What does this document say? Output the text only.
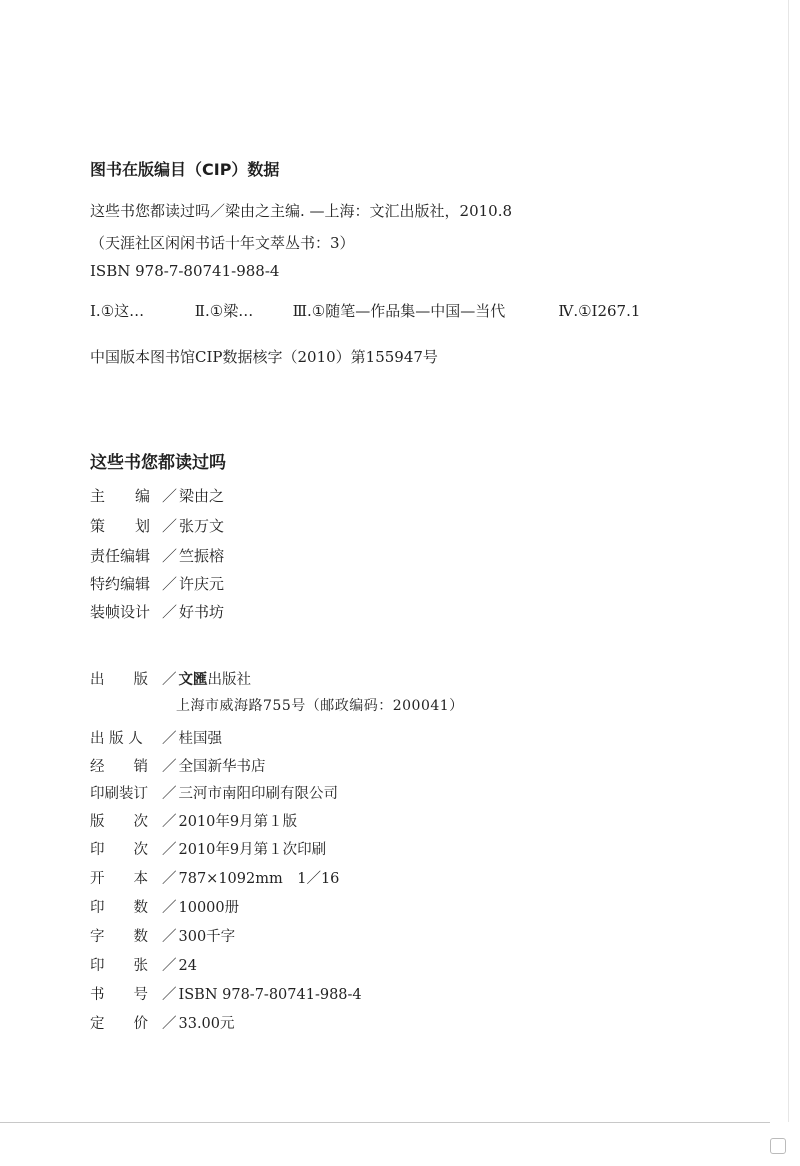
图书在版编目（CIP）数据
这些书您都读过吗／梁由之主编. —上海：文汇出版社，2010.8
（天涯社区闲闲书话十年文萃丛书：3）
ISBN 978-7-80741-988-4
Ⅰ.①这…	Ⅱ.①梁…	Ⅲ.①随笔—作品集—中国—当代	Ⅳ.①I267.1
中国版本图书馆CIP数据核字（2010）第155947号
这些书您都读过吗
主　　编 ／ 梁由之
策　　划 ／ 张万文
责任编辑 ／ 竺振榕
特约编辑 ／ 许庆元
装帧设计 ／ 好书坊
出　　版 ／ 文匯出版社
上海市威海路755号（邮政编码：200041）
出 版 人 ／ 桂国强
经　　销 ／ 全国新华书店
印刷装订 ／ 三河市南阳印刷有限公司
版　　次 ／ 2010年9月第１版
印　　次 ／ 2010年9月第１次印刷
开　　本 ／ 787×1092mm　1／16
印　　数 ／ 10000册
字　　数 ／ 300千字
印　　张 ／ 24
书　　号 ／ ISBN 978-7-80741-988-4
定　　价 ／ 33.00元
